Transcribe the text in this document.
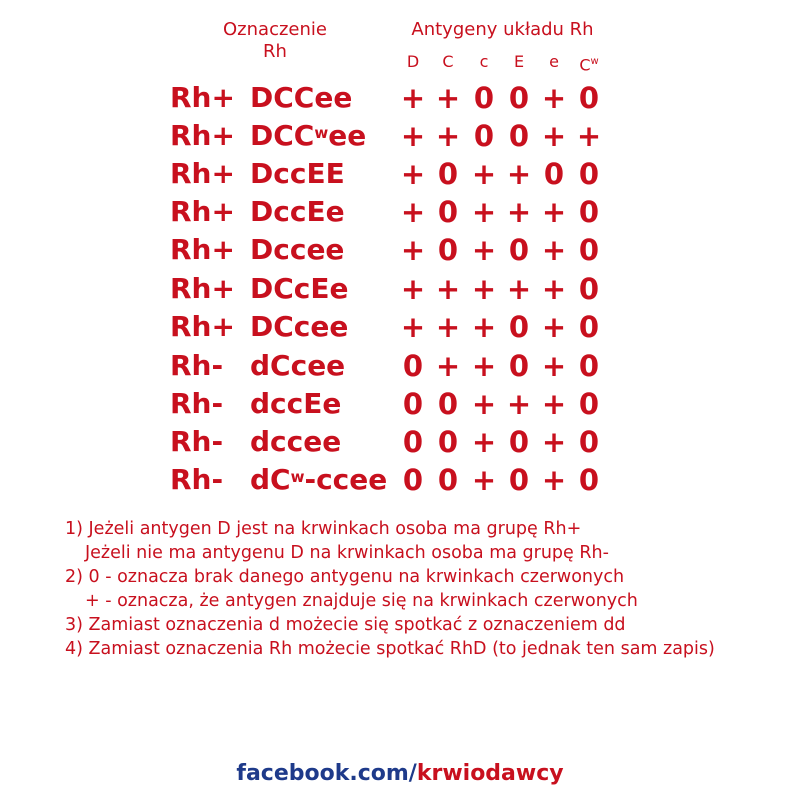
Oznaczenie
Rh
Antygeny układu Rh
D	C	c	E	e	$C^w$
Rh+ DCCee + + 0 0 + 0
$Rh+ DCC^wee$ + + 0 0 + +
Rh+ DccEE + 0 + + 0 0
Rh+ DccEe + 0 + + + 0
Rh+ Dccee + 0 + 0 + 0
Rh+ DCcEe + + + + + 0
Rh+ DCcee + + + 0 + 0
Rh- dCcee 0 + + 0 + 0
Rh- dccEe 0 0 + + + 0
Rh- dccee 0 0 + 0 + 0
Rh- $dC^w$-ccee 0 0 + 0 + 0
1) Jeżeli antygen D jest na krwinkach osoba ma grupę Rh+
Jeżeli nie ma antygenu D na krwinkach osoba ma grupę Rh-
2) 0 - oznacza brak danego antygenu na krwinkach czerwonych
+ - oznacza, że antygen znajduje się na krwinkach czerwonych
3) Zamiast oznaczenia d możecie się spotkać z oznaczeniem dd
4) Zamiast oznaczenia Rh możecie spotkać RhD (to jednak ten sam zapis)
facebook.com/krwiodawcy
